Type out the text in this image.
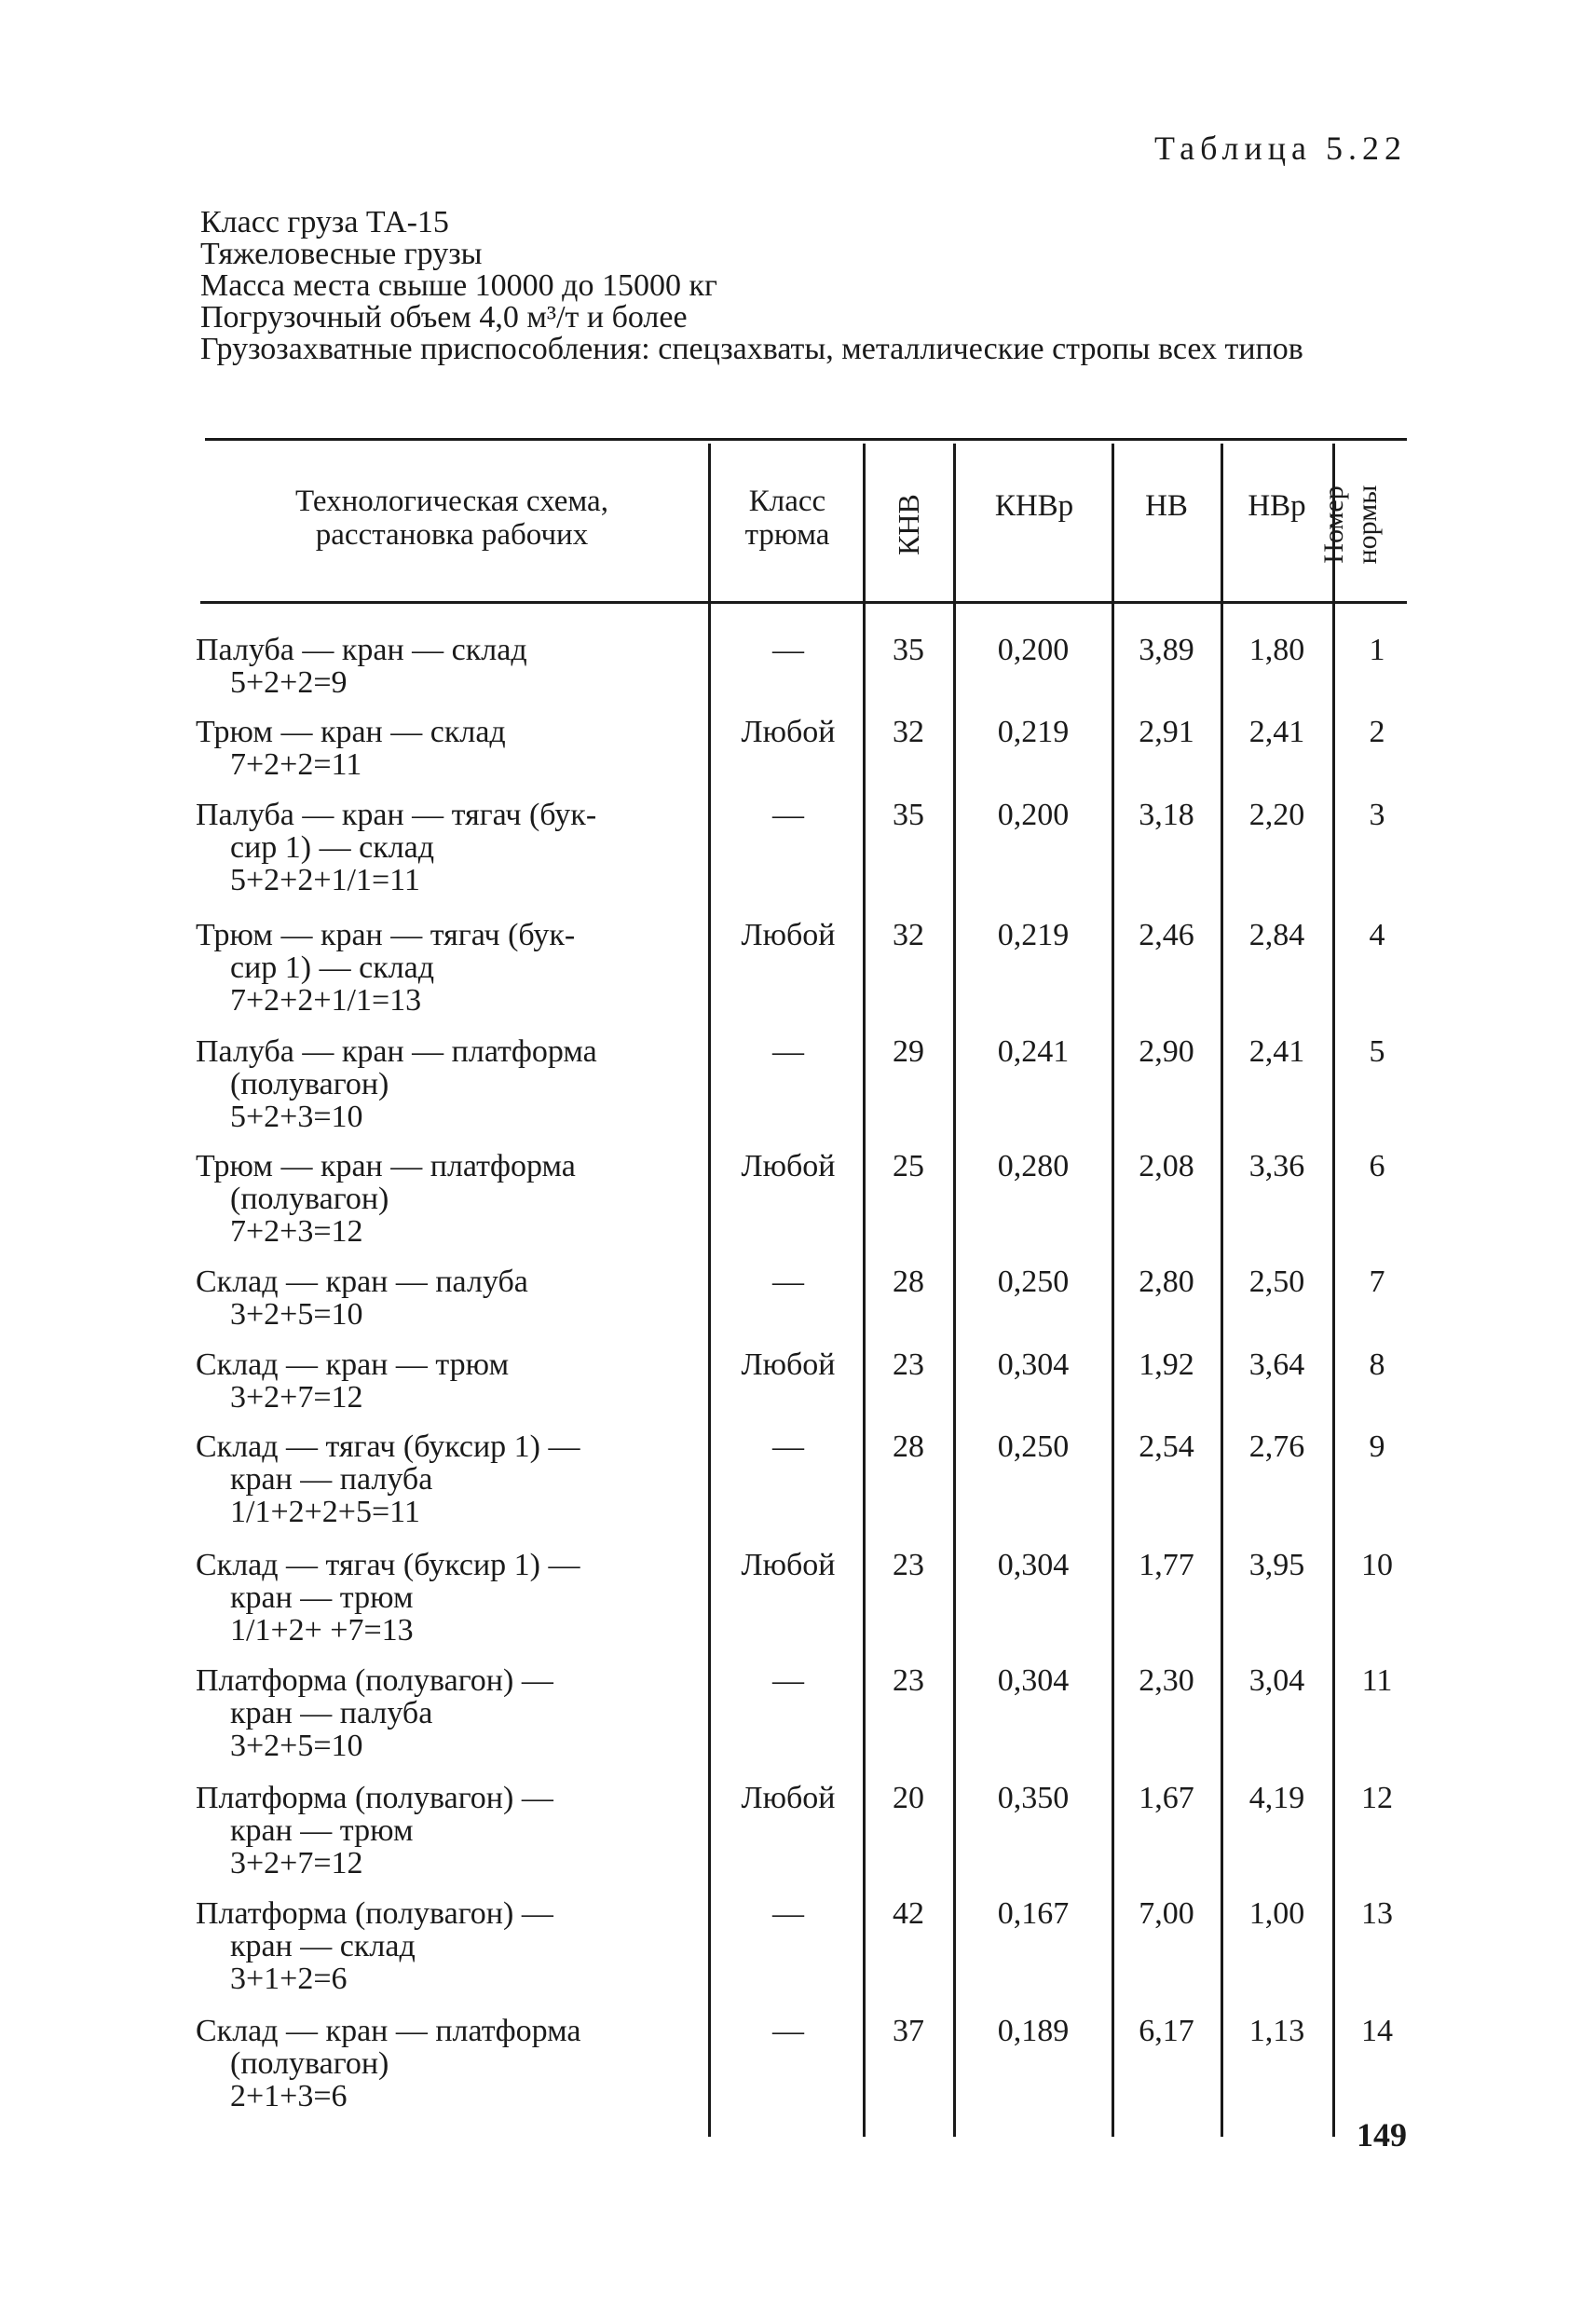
Таблица 5.22
Класс груза ТА-15
Тяжеловесные грузы
Масса места свыше 10000 до 15000 кг
Погрузочный объем 4,0 м³/т и более
Грузозахватные приспособления: спецзахваты, металлические стропы всех типов
Технологическая схема, расстановка рабочих
Класс трюма	КНВ	КНВр	НВ	НВр Номер нормы
Палуба — кран — склад
5+2+2=9
—	35	0,200	3,89	1,80	1
Трюм — кран — склад
7+2+2=11
Любой	32	0,219	2,91	2,41	2
Палуба — кран — тягач (бук-
сир 1) — склад
5+2+2+1/1=11
—	35	0,200	3,18	2,20	3
Трюм — кран — тягач (бук-
сир 1) — склад
7+2+2+1/1=13
Любой	32	0,219	2,46	2,84	4
Палуба — кран — платформа
(полувагон)
5+2+3=10
—	29	0,241	2,90	2,41	5
Трюм — кран — платформа
(полувагон)
7+2+3=12
Любой	25	0,280	2,08	3,36	6
Склад — кран — палуба
3+2+5=10
—	28	0,250	2,80	2,50	7
Склад — кран — трюм
3+2+7=12
Любой	23	0,304	1,92	3,64	8
Склад — тягач (буксир 1) —
кран — палуба
1/1+2+2+5=11
—	28	0,250	2,54	2,76	9
Склад — тягач (буксир 1) —
кран — трюм
1/1+2+ +7=13
Любой	23	0,304	1,77	3,95	10
Платформа (полувагон) —
кран — палуба
3+2+5=10
—	23	0,304	2,30	3,04	11
Платформа (полувагон) —
кран — трюм
3+2+7=12
Любой	20	0,350	1,67	4,19	12
Платформа (полувагон) —
кран — склад
3+1+2=6
—	42	0,167	7,00	1,00	13
Склад — кран — платформа
(полувагон)
2+1+3=6
—	37	0,189	6,17	1,13	14
149
